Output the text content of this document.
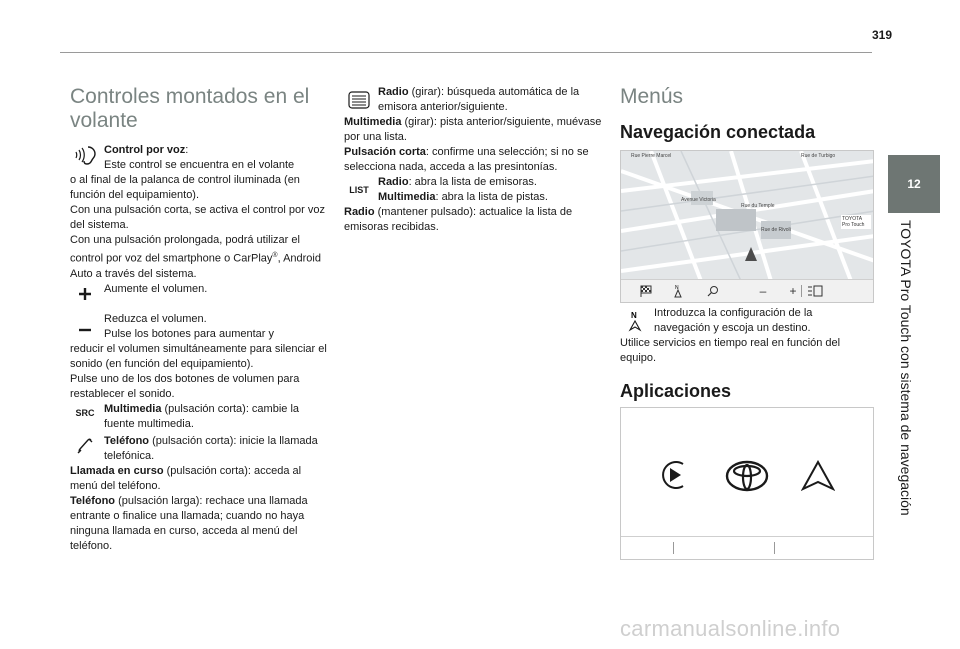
319
12
TOYOTA Pro Touch con sistema de navegación
Controles montados en el volante
Control por voz:
Este control se encuentra en el volante

o al final de la palanca de control iluminada (en función del equipamiento).

Con una pulsación corta, se activa el control por voz del sistema.

Con una pulsación prolongada, podrá utilizar el control por voz del smartphone o CarPlay®, Android Auto a través del sistema.

Aumente el volumen.
Reduzca el volumen.
Pulse los botones para aumentar y

reducir el volumen simultáneamente para silenciar el sonido (en función del equipamiento).

Pulse uno de los dos botones de volumen para restablecer el sonido.

SRC Multimedia (pulsación corta): cambie la fuente multimedia.
Teléfono (pulsación corta): inicie la llamada telefónica.

Llamada en curso (pulsación corta): acceda al menú del teléfono.

Teléfono (pulsación larga): rechace una llamada entrante o finalice una llamada; cuando no haya ninguna llamada en curso, acceda al menú del teléfono.

Radio (girar): búsqueda automática de la emisora anterior/siguiente.

Multimedia (girar): pista anterior/siguiente, muévase por una lista.

Pulsación corta: confirme una selección; si no se selecciona nada, acceda a las presintonías.

LIST
Radio: abra la lista de emisoras.
Multimedia: abra la lista de pistas.

Radio (mantener pulsado): actualice la lista de emisoras recibidas.

Menús
Navegación conectada
Rue Pierre Marcel	Rue de Turbigo
Avenue Victoria
Rue du Temple
Rue de Rivoli
TOYOTA Pro Touch
N	–	+
N Introduzca la configuración de la
navegación y escoja un destino.

Utilice servicios en tiempo real en función del equipo.

Aplicaciones
carmanualsonline.info
